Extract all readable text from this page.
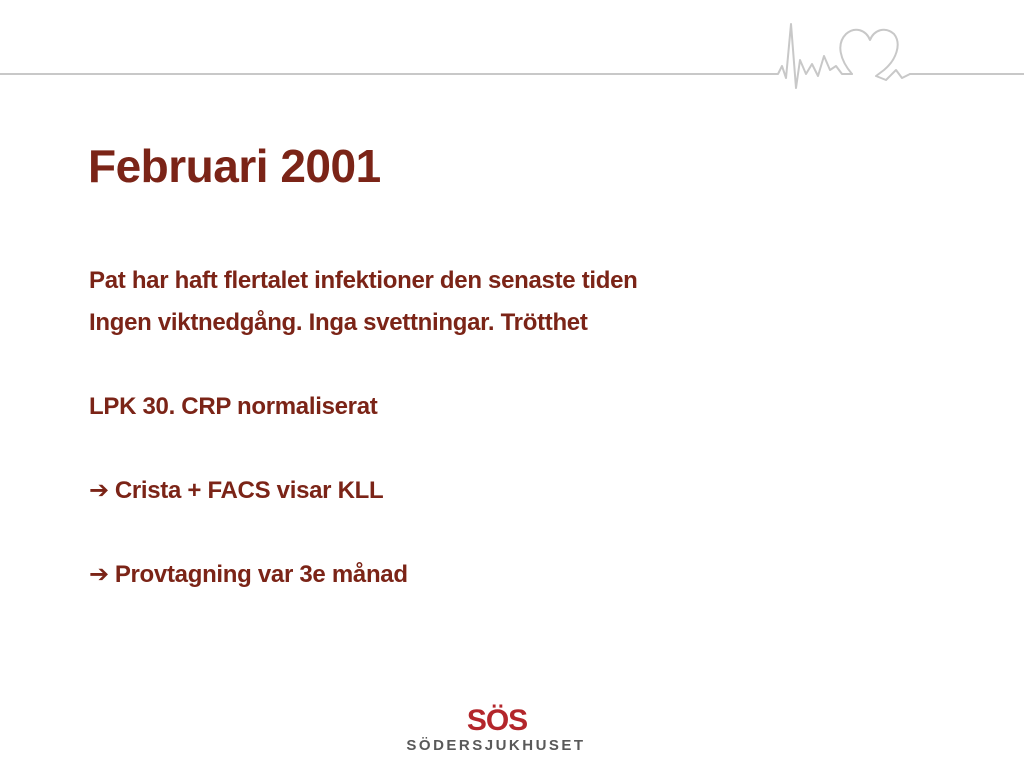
Februari 2001
Pat har haft flertalet infektioner den senaste tiden
Ingen viktnedgång. Inga svettningar. Trötthet
LPK 30. CRP normaliserat
➔ Crista + FACS visar KLL
➔ Provtagning var 3e månad
SÖS
SÖDERSJUKHUSET
